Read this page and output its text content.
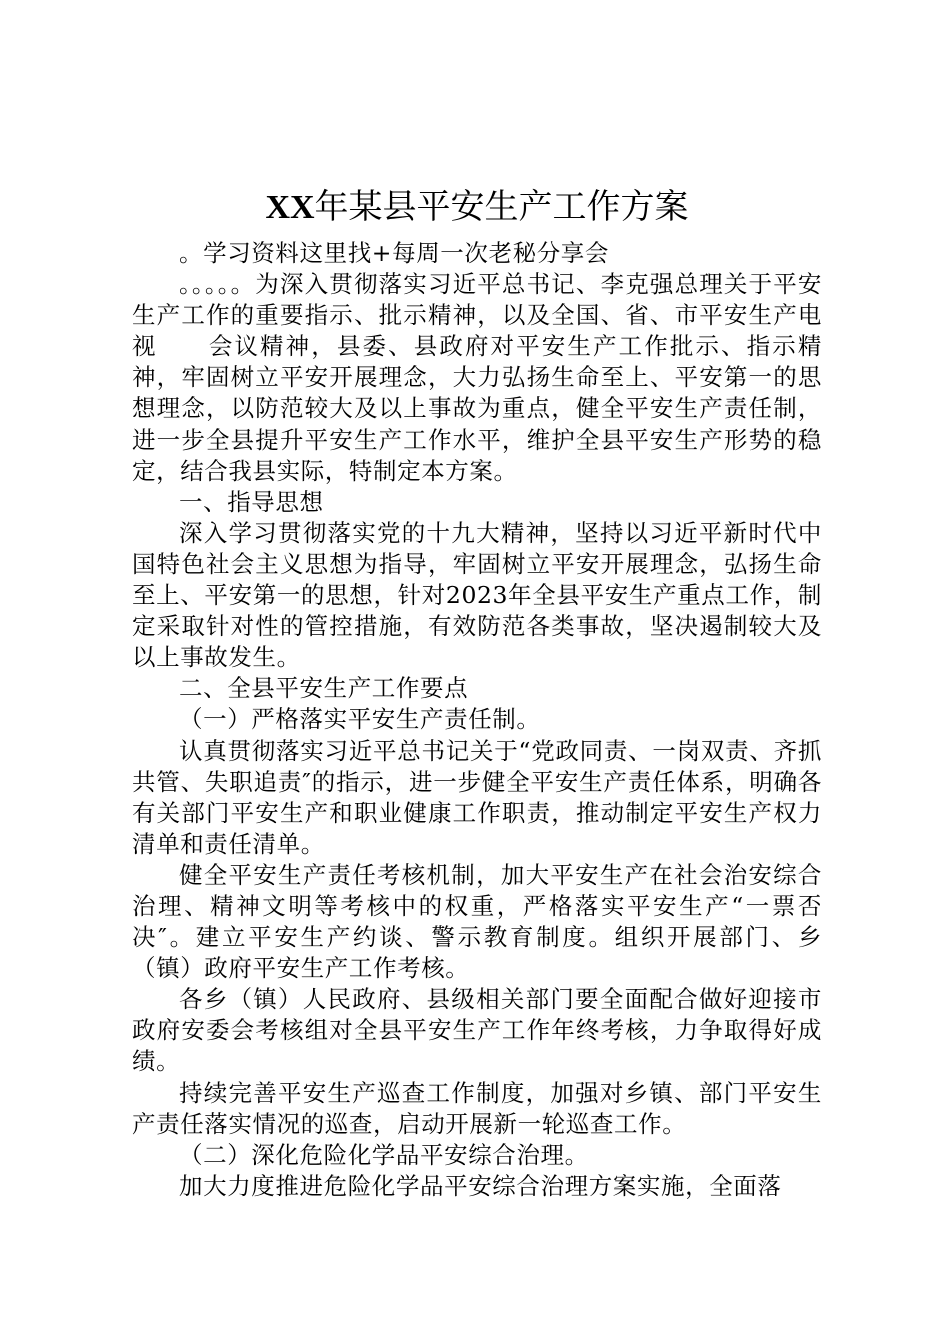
XX年某县平安生产工作方案

。学习资料这里找+每周一次老秘分享会

。。。。。为深入贯彻落实习近平总书记、李克强总理关于平安生产工作的重要指示、批示精神，以及全国、省、市平安生产电视　　会议精神，县委、县政府对平安生产工作批示、指示精神，牢固树立平安开展理念，大力弘扬生命至上、平安第一的思想理念，以防范较大及以上事故为重点，健全平安生产责任制，进一步全县提升平安生产工作水平，维护全县平安生产形势的稳定，结合我县实际，特制定本方案。

一、指导思想

深入学习贯彻落实党的十九大精神，坚持以习近平新时代中国特色社会主义思想为指导，牢固树立平安开展理念，弘扬生命至上、平安第一的思想，针对2023年全县平安生产重点工作，制定采取针对性的管控措施，有效防范各类事故，坚决遏制较大及以上事故发生。

二、全县平安生产工作要点

（一）严格落实平安生产责任制。

认真贯彻落实习近平总书记关于“党政同责、一岗双责、齐抓共管、失职追责″的指示，进一步健全平安生产责任体系，明确各有关部门平安生产和职业健康工作职责，推动制定平安生产权力清单和责任清单。

健全平安生产责任考核机制，加大平安生产在社会治安综合治理、精神文明等考核中的权重，严格落实平安生产“一票否决″。建立平安生产约谈、警示教育制度。组织开展部门、乡（镇）政府平安生产工作考核。

各乡（镇）人民政府、县级相关部门要全面配合做好迎接市政府安委会考核组对全县平安生产工作年终考核，力争取得好成绩。

持续完善平安生产巡查工作制度，加强对乡镇、部门平安生产责任落实情况的巡查，启动开展新一轮巡查工作。

（二）深化危险化学品平安综合治理。

加大力度推进危险化学品平安综合治理方案实施，全面落
